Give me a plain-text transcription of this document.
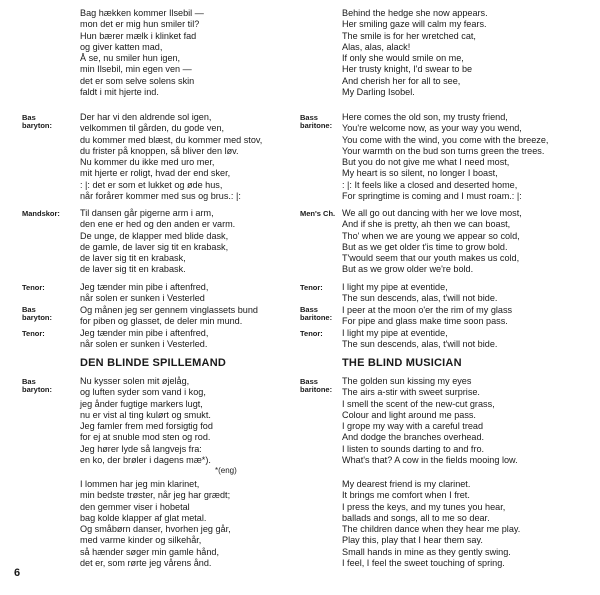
Bag hækken kommer Ilsebil —
mon det er mig hun smiler til?
Hun bærer mælk i klinket fad
og giver katten mad,
Å se, nu smiler hun igen,
min Ilsebil, min egen ven —
det er som selve solens skin
faldt i mit hjerte ind.
Bas
baryton:
Der har vi den aldrende sol igen,
velkommen til gården, du gode ven,
du kommer med blæst, du kommer med stov,
du frister på knoppen, så bliver den løv.
Nu kommer du ikke med uro mer,
mit hjerte er roligt, hvad der end sker,
: |: det er som et lukket og øde hus,
når forårет kommer med sus og brus.: |:
Mandskor:	Til dansen går pigerne arm i arm,
den ene er hed og den anden er varm.
De unge, de klapper med blide dask,
de gamle, de laver sig tit en krabask,
de laver sig tit en krabask,
de laver sig tit en krabask.
Tenor:	Jeg tænder min pibe i aftenfred,
når solen er sunken i Vesterled
Bas
baryton:
Og månen jeg ser gennem vinglassets bund
for piben og glasset, de deler min mund.
Tenor:	Jeg tænder min pibe i aftenfred,
når solen er sunken i Vesterled.
DEN BLINDE SPILLEMAND
Bas
baryton:
Nu kysser solen mit øjelåg,
og luften syder som vand i kog,
jeg ånder fugtige markers lugt,
nu er vist al ting kulørt og smukt.
Jeg famler frem med forsigtig fod
for ej at snuble mod sten og rod.
Jeg hører lyde så langvejs fra:
en ko, der brøler i dagens mæ*).
*(eng)
I lommen har jeg min klarinet,
min bedste trøster, når jeg har grædt;
den gemmer viser i hobetal
bag kolde klapper af glat metal.
Og småbørn danser, hvorhen jeg går,
med varme kinder og silkehår,
så hænder søger min gamle hånd,
det er, som rørte jeg vårens ånd.
Behind the hedge she now appears.
Her smiling gaze will calm my fears.
The smile is for her wretched cat,
Alas, alas, alack!
If only she would smile on me,
Her trusty knight, I'd swear to be
And cherish her for all to see,
My Darling Isobel.
Bass
baritone:
Here comes the old son, my trusty friend,
You're welcome now, as your way you wend,
You come with the wind, you come with the breeze,
Your warmth on the bud son turns green the trees.
But you do not give me what I need most,
My heart is so silent, no longer I boast,
: |: It feels like a closed and deserted home,
For springtime is coming and I must roam.: |:
Men's Ch. We all go out dancing with her we love most,
And if she is pretty, ah then we can boast,
Tho' when we are young we appear so cold,
But as we get older t'is time to grow bold.
T'would seem that our youth makes us cold,
But as we grow older we're bold.
Tenor:	I light my pipe at eventide,
The sun descends, alas, t'will not bide.
Bass
baritone:
I peer at the moon o'er the rim of my glass
For pipe and glass make time soon pass.
Tenor:	I light my pipe at eventide,
The sun descends, alas, t'will not bide.
THE BLIND MUSICIAN
Bass
baritone:
The golden sun kissing my eyes
The airs a-stir with sweet surprise.
I smell the scent of the new-cut grass,
Colour and light around me pass.
I grope my way with a careful tread
And dodge the branches overhead.
I listen to sounds darting to and fro.
What's that? A cow in the fields mooing low.
My dearest friend is my clarinet.
It brings me comfort when I fret.
I press the keys, and my tunes you hear,
ballads and songs, all to me so dear.
The children dance when they hear me play.
Play this, play that I hear them say.
Small hands in mine as they gently swing.
I feel, I feel the sweet touching of spring.
6
